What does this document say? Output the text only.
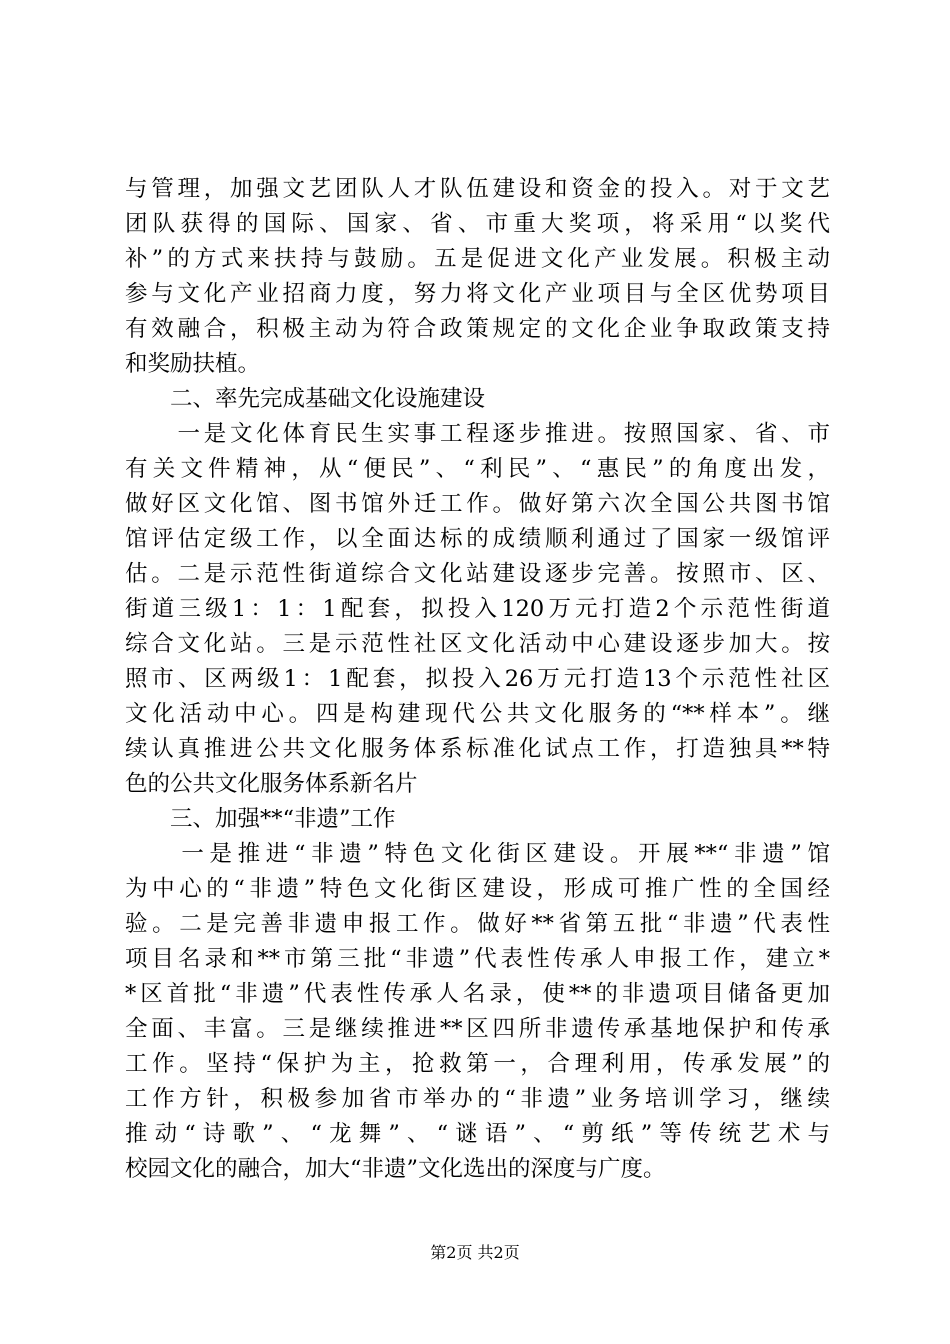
与管理，加强文艺团队人才队伍建设和资金的投入。对于文艺
团队获得的国际、国家、省、市重大奖项，将采用“以奖代
补”的方式来扶持与鼓励。五是促进文化产业发展。积极主动
参与文化产业招商力度，努力将文化产业项目与全区优势项目
有效融合，积极主动为符合政策规定的文化企业争取政策支持
和奖励扶植。
　　二、率先完成基础文化设施建设
　　一是文化体育民生实事工程逐步推进。按照国家、省、市
有关文件精神，从“便民”、“利民”、“惠民”的角度出发，
做好区文化馆、图书馆外迁工作。做好第六次全国公共图书馆
馆评估定级工作，以全面达标的成绩顺利通过了国家一级馆评
估。二是示范性街道综合文化站建设逐步完善。按照市、区、
街道三级1：1：1配套，拟投入120万元打造2个示范性街道
综合文化站。三是示范性社区文化活动中心建设逐步加大。按
照市、区两级1：1配套，拟投入26万元打造13个示范性社区
文化活动中心。四是构建现代公共文化服务的“**样本”。继
续认真推进公共文化服务体系标准化试点工作，打造独具**特
色的公共文化服务体系新名片
　　三、加强**“非遗”工作
　　一是推进“非遗”特色文化街区建设。开展**“非遗”馆
为中心的“非遗”特色文化街区建设，形成可推广性的全国经
验。二是完善非遗申报工作。做好**省第五批“非遗”代表性
项目名录和**市第三批“非遗”代表性传承人申报工作，建立*
*区首批“非遗”代表性传承人名录，使**的非遗项目储备更加
全面、丰富。三是继续推进**区四所非遗传承基地保护和传承
工作。坚持“保护为主，抢救第一，合理利用，传承发展”的
工作方针，积极参加省市举办的“非遗”业务培训学习，继续
推动“诗歌”、“龙舞”、“谜语”、“剪纸”等传统艺术与
校园文化的融合，加大“非遗”文化选出的深度与广度。
第2页 共2页
